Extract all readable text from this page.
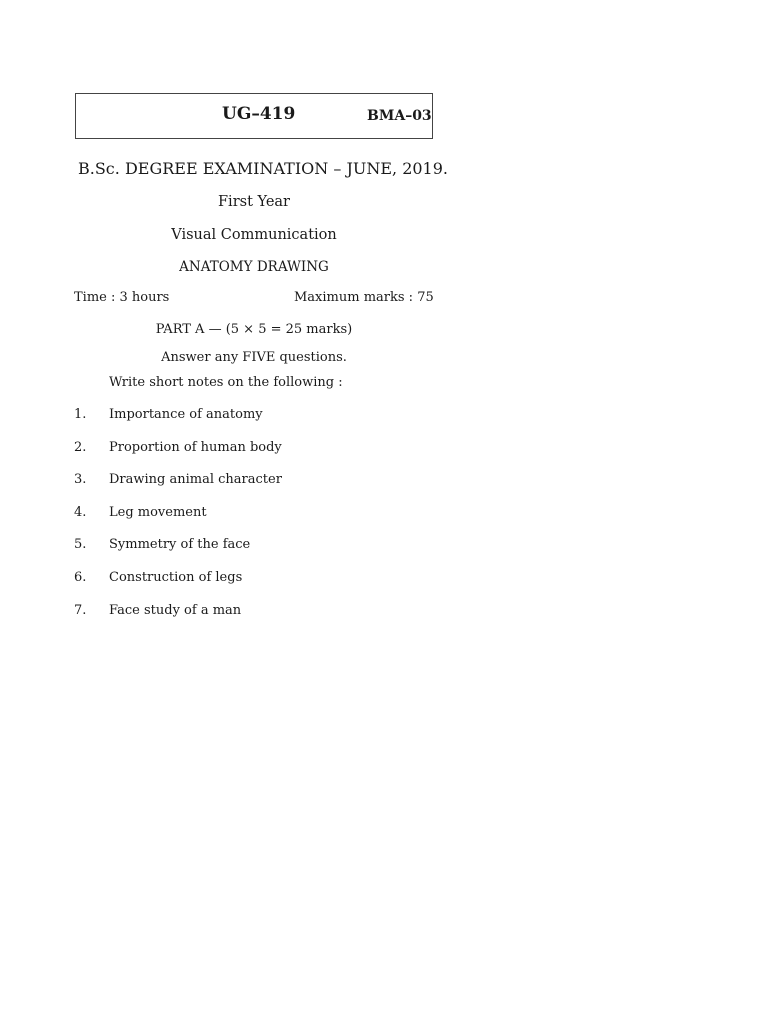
UG–419	BMA–03
B.Sc. DEGREE EXAMINATION – JUNE, 2019.
First Year
Visual Communication
ANATOMY DRAWING
Time : 3 hours	Maximum marks : 75
PART A — (5 × 5 = 25 marks)
Answer any FIVE questions.
Write short notes on the following :
1. Importance of anatomy
2. Proportion of human body
3. Drawing animal character
4. Leg movement
5. Symmetry of the face
6. Construction of legs
7. Face study of a man
